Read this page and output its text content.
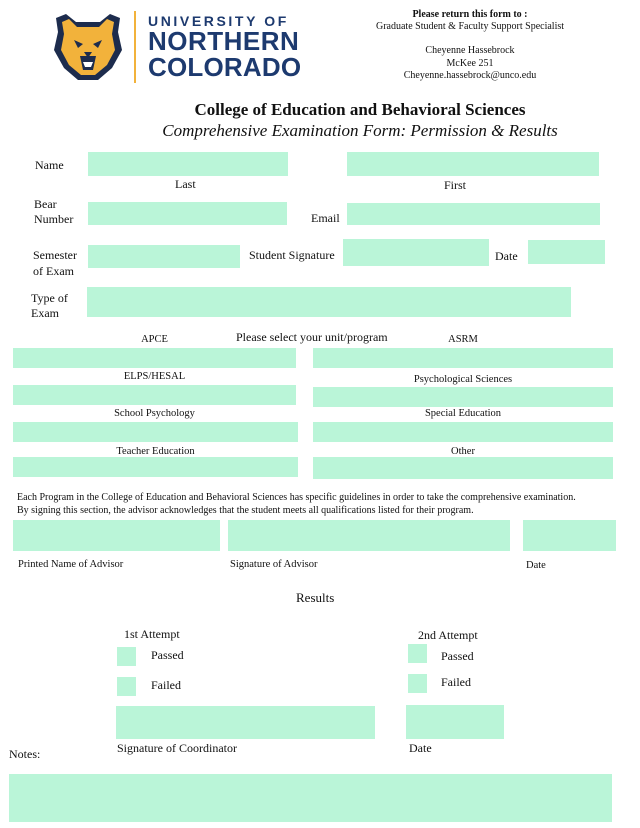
UNIVERSITY OF
NORTHERN
COLORADO
Please return this form to :
Graduate Student & Faculty Support Specialist
Cheyenne Hassebrock
McKee 251
Cheyenne.hassebrock@unco.edu
College of Education and Behavioral Sciences
Comprehensive Examination Form: Permission & Results
Name
Last	First
Bear
Number	Email
Semester
of Exam
Student Signature	Date
Type of
Exam
Please select your unit/program
APCE	ASRM
ELPS/HESAL	Psychological Sciences
School Psychology	Special Education
Teacher Education	Other
Each Program in the College of Education and Behavioral Sciences has specific guidelines in order to take the comprehensive examination.
By signing this section, the advisor acknowledges that the student meets all qualifications listed for their program.
Printed Name of Advisor	Signature of Advisor	Date
Results
1st Attempt
Passed
Failed
2nd Attempt
Passed
Failed
Signature of Coordinator	Date
Notes:
